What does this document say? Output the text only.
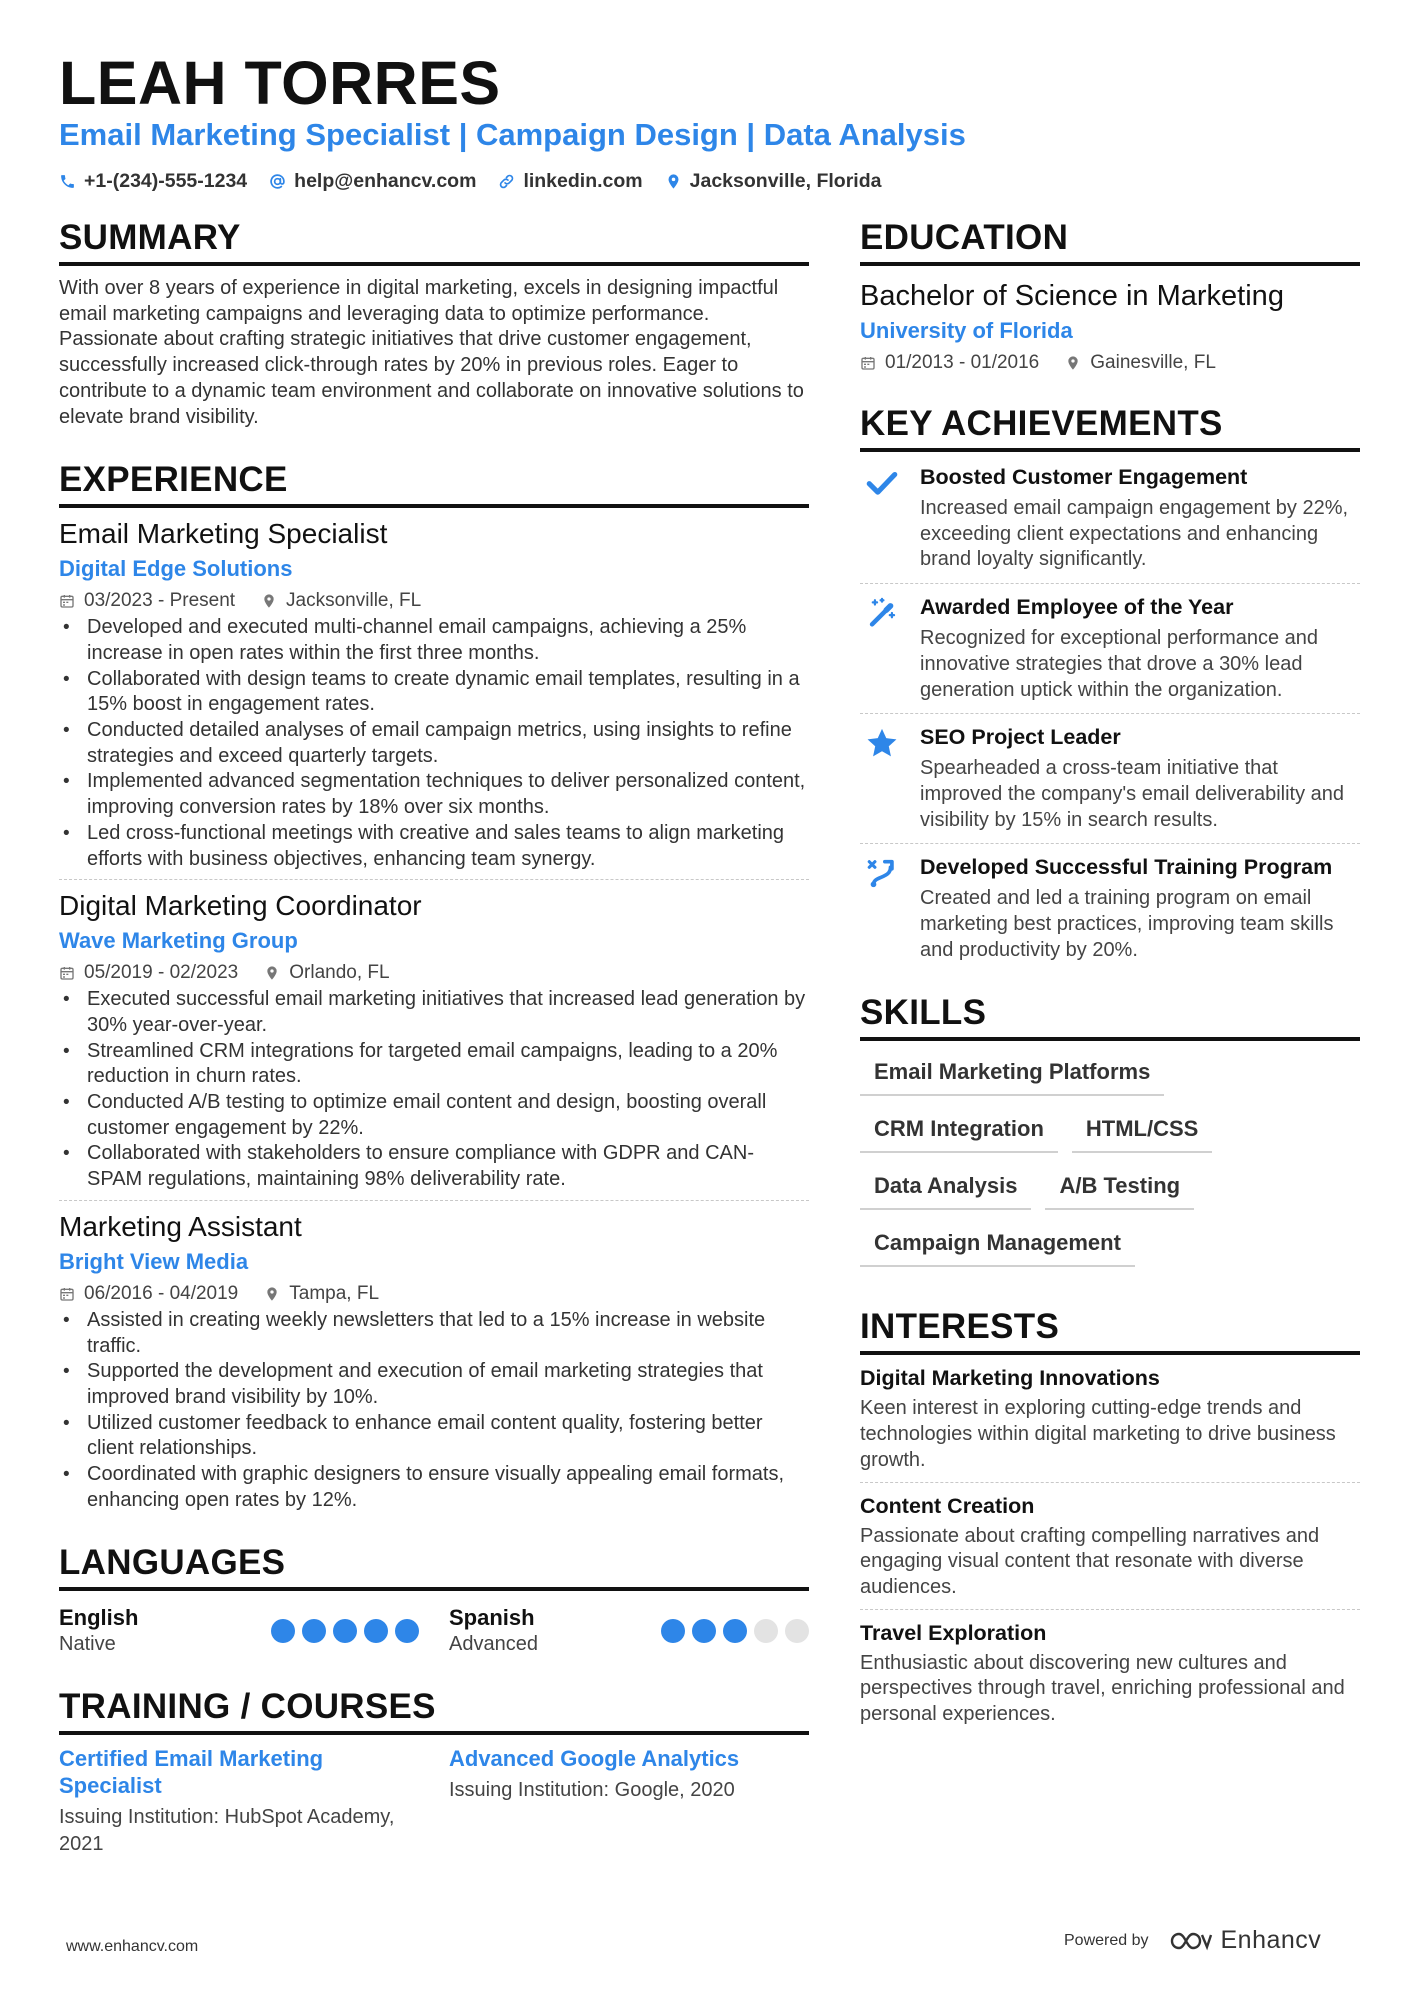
LEAH TORRES
Email Marketing Specialist | Campaign Design | Data Analysis
+1-(234)-555-1234 help@enhancv.com linkedin.com Jacksonville, Florida
SUMMARY
With over 8 years of experience in digital marketing, excels in designing impactful email marketing campaigns and leveraging data to optimize performance. Passionate about crafting strategic initiatives that drive customer engagement, successfully increased click-through rates by 20% in previous roles. Eager to contribute to a dynamic team environment and collaborate on innovative solutions to elevate brand visibility.
EXPERIENCE
Email Marketing Specialist
Digital Edge Solutions
03/2023 - Present	Jacksonville, FL
• Developed and executed multi-channel email campaigns, achieving a 25% increase in open rates within the first three months.
• Collaborated with design teams to create dynamic email templates, resulting in a 15% boost in engagement rates.
• Conducted detailed analyses of email campaign metrics, using insights to refine strategies and exceed quarterly targets.
• Implemented advanced segmentation techniques to deliver personalized content, improving conversion rates by 18% over six months.
• Led cross-functional meetings with creative and sales teams to align marketing efforts with business objectives, enhancing team synergy.
Digital Marketing Coordinator
Wave Marketing Group
05/2019 - 02/2023	Orlando, FL
• Executed successful email marketing initiatives that increased lead generation by 30% year-over-year.
• Streamlined CRM integrations for targeted email campaigns, leading to a 20% reduction in churn rates.
• Conducted A/B testing to optimize email content and design, boosting overall customer engagement by 22%.
• Collaborated with stakeholders to ensure compliance with GDPR and CAN-SPAM regulations, maintaining 98% deliverability rate.
Marketing Assistant
Bright View Media
06/2016 - 04/2019	Tampa, FL
• Assisted in creating weekly newsletters that led to a 15% increase in website traffic.
• Supported the development and execution of email marketing strategies that improved brand visibility by 10%.
• Utilized customer feedback to enhance email content quality, fostering better client relationships.
• Coordinated with graphic designers to ensure visually appealing email formats, enhancing open rates by 12%.
LANGUAGES
English
Native
Spanish
Advanced
TRAINING / COURSES
Certified Email Marketing Specialist
Issuing Institution: HubSpot Academy, 2021
Advanced Google Analytics
Issuing Institution: Google, 2020
EDUCATION
Bachelor of Science in Marketing
University of Florida
01/2013 - 01/2016	Gainesville, FL
KEY ACHIEVEMENTS
Boosted Customer Engagement
Increased email campaign engagement by 22%, exceeding client expectations and enhancing brand loyalty significantly.
Awarded Employee of the Year
Recognized for exceptional performance and innovative strategies that drove a 30% lead generation uptick within the organization.
SEO Project Leader
Spearheaded a cross-team initiative that improved the company's email deliverability and visibility by 15% in search results.
Developed Successful Training Program
Created and led a training program on email marketing best practices, improving team skills and productivity by 20%.
SKILLS
Email Marketing Platforms
CRM Integration	HTML/CSS
Data Analysis	A/B Testing
Campaign Management
INTERESTS
Digital Marketing Innovations
Keen interest in exploring cutting-edge trends and technologies within digital marketing to drive business growth.
Content Creation
Passionate about crafting compelling narratives and engaging visual content that resonate with diverse audiences.
Travel Exploration
Enthusiastic about discovering new cultures and perspectives through travel, enriching professional and personal experiences.
www.enhancv.com	Powered by	Enhancv
